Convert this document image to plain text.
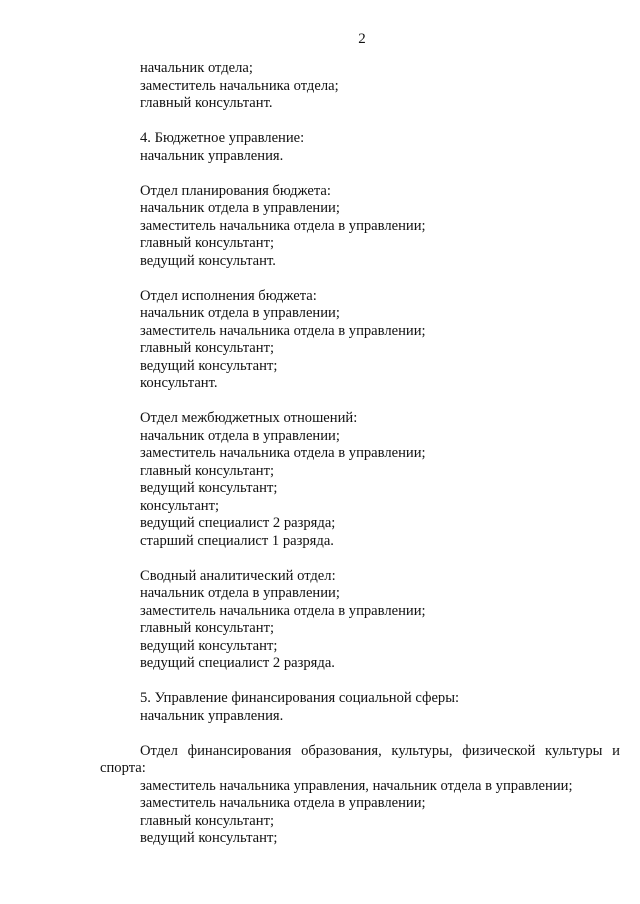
2
начальник отдела;
заместитель начальника отдела;
главный консультант.
4. Бюджетное управление:
начальник управления.
Отдел планирования бюджета:
начальник отдела в управлении;
заместитель начальника отдела в управлении;
главный консультант;
ведущий консультант.
Отдел исполнения бюджета:
начальник отдела в управлении;
заместитель начальника отдела в управлении;
главный консультант;
ведущий консультант;
консультант.
Отдел межбюджетных отношений:
начальник отдела в управлении;
заместитель начальника отдела в управлении;
главный консультант;
ведущий консультант;
консультант;
ведущий специалист 2 разряда;
старший специалист 1 разряда.
Сводный аналитический отдел:
начальник отдела в управлении;
заместитель начальника отдела в управлении;
главный консультант;
ведущий консультант;
ведущий специалист 2 разряда.
5. Управление финансирования социальной сферы:
начальник управления.
Отдел финансирования образования, культуры, физической культуры и спорта:
заместитель начальника управления, начальник отдела в управлении;
заместитель начальника отдела в управлении;
главный консультант;
ведущий консультант;
